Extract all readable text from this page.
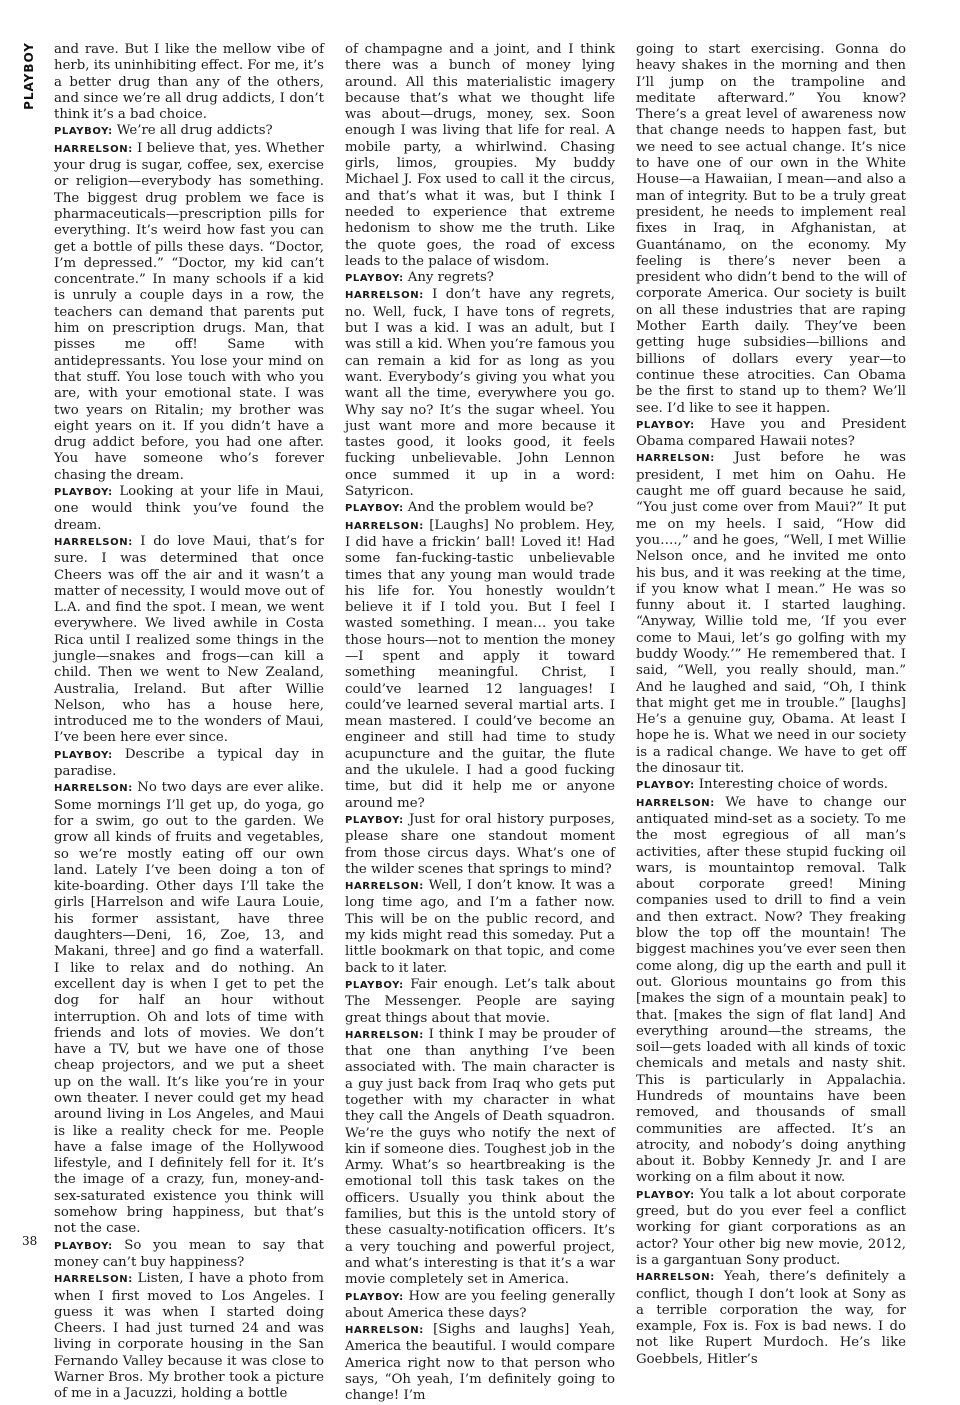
PLAYBOY
38

and rave. But I like the mellow vibe of herb, its uninhibiting effect. For me, it’s a better drug than any of the others, and since we’re all drug addicts, I don’t think it’s a bad choice.

PLAYBOY : We’re all drug addicts?

HARRELSON : I believe that, yes. Whether your drug is sugar, coffee, sex, exercise or religion—everybody has something. The biggest drug problem we face is pharmaceuticals—prescription pills for everything. It’s weird how fast you can get a bottle of pills these days. “Doctor, I’m depressed.” “Doctor, my kid can’t concentrate.” In many schools if a kid is unruly a couple days in a row, the teachers can demand that parents put him on prescription drugs. Man, that pisses me off! Same with antidepressants. You lose your mind on that stuff. You lose touch with who you are, with your emotional state. I was two years on Ritalin; my brother was eight years on it. If you didn’t have a drug addict before, you had one after. You have someone who’s forever chasing the dream.

PLAYBOY : Looking at your life in Maui, one would think you’ve found the dream.

HARRELSON : I do love Maui, that’s for sure. I was determined that once Cheers was off the air and it wasn’t a matter of necessity, I would move out of L.A. and find the spot. I mean, we went everywhere. We lived awhile in Costa Rica until I realized some things in the jungle—snakes and frogs—can kill a child. Then we went to New Zealand, Australia, Ireland. But after Willie Nelson, who has a house here, introduced me to the wonders of Maui, I’ve been here ever since.

PLAYBOY : Describe a typical day in paradise.

HARRELSON : No two days are ever alike. Some mornings I’ll get up, do yoga, go for a swim, go out to the garden. We grow all kinds of fruits and vegetables, so we’re mostly eating off our own land. Lately I’ve been doing a ton of kite-boarding. Other days I’ll take the girls [Harrelson and wife Laura Louie, his former assistant, have three daughters—Deni, 16, Zoe, 13, and Makani, three] and go find a waterfall. I like to relax and do nothing. An excellent day is when I get to pet the dog for half an hour without interruption. Oh and lots of time with friends and lots of movies. We don’t have a TV, but we have one of those cheap projectors, and we put a sheet up on the wall. It’s like you’re in your own theater. I never could get my head around living in Los Angeles, and Maui is like a reality check for me. People have a false image of the Hollywood lifestyle, and I definitely fell for it. It’s the image of a crazy, fun, money-and-sex-saturated existence you think will somehow bring happiness, but that’s not the case.

PLAYBOY : So you mean to say that money can’t buy happiness?

HARRELSON : Listen, I have a photo from when I first moved to Los Angeles. I guess it was when I started doing Cheers. I had just turned 24 and was living in corporate housing in the San Fernando Valley because it was close to Warner Bros. My brother took a picture of me in a Jacuzzi, holding a bottle

of champagne and a joint, and I think there was a bunch of money lying around. All this materialistic imagery because that’s what we thought life was about—drugs, money, sex. Soon enough I was living that life for real. A mobile party, a whirlwind. Chasing girls, limos, groupies. My buddy Michael J. Fox used to call it the circus, and that’s what it was, but I think I needed to experience that extreme hedonism to show me the truth. Like the quote goes, the road of excess leads to the palace of wisdom.

PLAYBOY : Any regrets?

HARRELSON : I don’t have any regrets, no. Well, fuck, I have tons of regrets, but I was a kid. I was an adult, but I was still a kid. When you’re famous you can remain a kid for as long as you want. Everybody’s giving you what you want all the time, everywhere you go. Why say no? It’s the sugar wheel. You just want more and more because it tastes good, it looks good, it feels fucking unbelievable. John Lennon once summed it up in a word: Satyricon.

PLAYBOY : And the problem would be?

HARRELSON : [Laughs] No problem. Hey, I did have a frickin’ ball! Loved it! Had some fan-fucking-tastic unbelievable times that any young man would trade his life for. You honestly wouldn’t believe it if I told you. But I feel I wasted something. I mean… you take those hours—not to mention the money—I spent and apply it toward something meaningful. Christ, I could’ve learned 12 languages! I could’ve learned several martial arts. I mean mastered. I could’ve become an engineer and still had time to study acupuncture and the guitar, the flute and the ukulele. I had a good fucking time, but did it help me or anyone around me?

PLAYBOY : Just for oral history purposes, please share one standout moment from those circus days. What’s one of the wilder scenes that springs to mind?

HARRELSON : Well, I don’t know. It was a long time ago, and I’m a father now. This will be on the public record, and my kids might read this someday. Put a little bookmark on that topic, and come back to it later.

PLAYBOY : Fair enough. Let’s talk about The Messenger. People are saying great things about that movie.

HARRELSON : I think I may be prouder of that one than anything I’ve been associated with. The main character is a guy just back from Iraq who gets put together with my character in what they call the Angels of Death squadron. We’re the guys who notify the next of kin if someone dies. Toughest job in the Army. What’s so heartbreaking is the emotional toll this task takes on the officers. Usually you think about the families, but this is the untold story of these casualty-notification officers. It’s a very touching and powerful project, and what’s interesting is that it’s a war movie completely set in America.

PLAYBOY : How are you feeling generally about America these days?

HARRELSON : [Sighs and laughs] Yeah, America the beautiful. I would compare America right now to that person who says, “Oh yeah, I’m definitely going to change! I’m

going to start exercising. Gonna do heavy shakes in the morning and then I’ll jump on the trampoline and meditate afterward.” You know? There’s a great level of awareness now that change needs to happen fast, but we need to see actual change. It’s nice to have one of our own in the White House—a Hawaiian, I mean—and also a man of integrity. But to be a truly great president, he needs to implement real fixes in Iraq, in Afghanistan, at Guantánamo, on the economy. My feeling is there’s never been a president who didn’t bend to the will of corporate America. Our society is built on all these industries that are raping Mother Earth daily. They’ve been getting huge subsidies—billions and billions of dollars every year—to continue these atrocities. Can Obama be the first to stand up to them? We’ll see. I’d like to see it happen.

PLAYBOY : Have you and President Obama compared Hawaii notes?

HARRELSON : Just before he was president, I met him on Oahu. He caught me off guard because he said, “You just come over from Maui?” It put me on my heels. I said, “How did you….,” and he goes, “Well, I met Willie Nelson once, and he invited me onto his bus, and it was reeking at the time, if you know what I mean.” He was so funny about it. I started laughing. “Anyway, Willie told me, ‘If you ever come to Maui, let’s go golfing with my buddy Woody.’” He remembered that. I said, “Well, you really should, man.” And he laughed and said, “Oh, I think that might get me in trouble.” [laughs] He’s a genuine guy, Obama. At least I hope he is. What we need in our society is a radical change. We have to get off the dinosaur tit.

PLAYBOY : Interesting choice of words.

HARRELSON : We have to change our antiquated mind-set as a society. To me the most egregious of all man’s activities, after these stupid fucking oil wars, is mountaintop removal. Talk about corporate greed! Mining companies used to drill to find a vein and then extract. Now? They freaking blow the top off the mountain! The biggest machines you’ve ever seen then come along, dig up the earth and pull it out. Glorious mountains go from this [makes the sign of a mountain peak] to that. [makes the sign of flat land] And everything around—the streams, the soil—gets loaded with all kinds of toxic chemicals and metals and nasty shit. This is particularly in Appalachia. Hundreds of mountains have been removed, and thousands of small communities are affected. It’s an atrocity, and nobody’s doing anything about it. Bobby Kennedy Jr. and I are working on a film about it now.

PLAYBOY : You talk a lot about corporate greed, but do you ever feel a conflict working for giant corporations as an actor? Your other big new movie, 2012, is a gargantuan Sony product.

HARRELSON : Yeah, there’s definitely a conflict, though I don’t look at Sony as a terrible corporation the way, for example, Fox is. Fox is bad news. I do not like Rupert Murdoch. He’s like Goebbels, Hitler’s
